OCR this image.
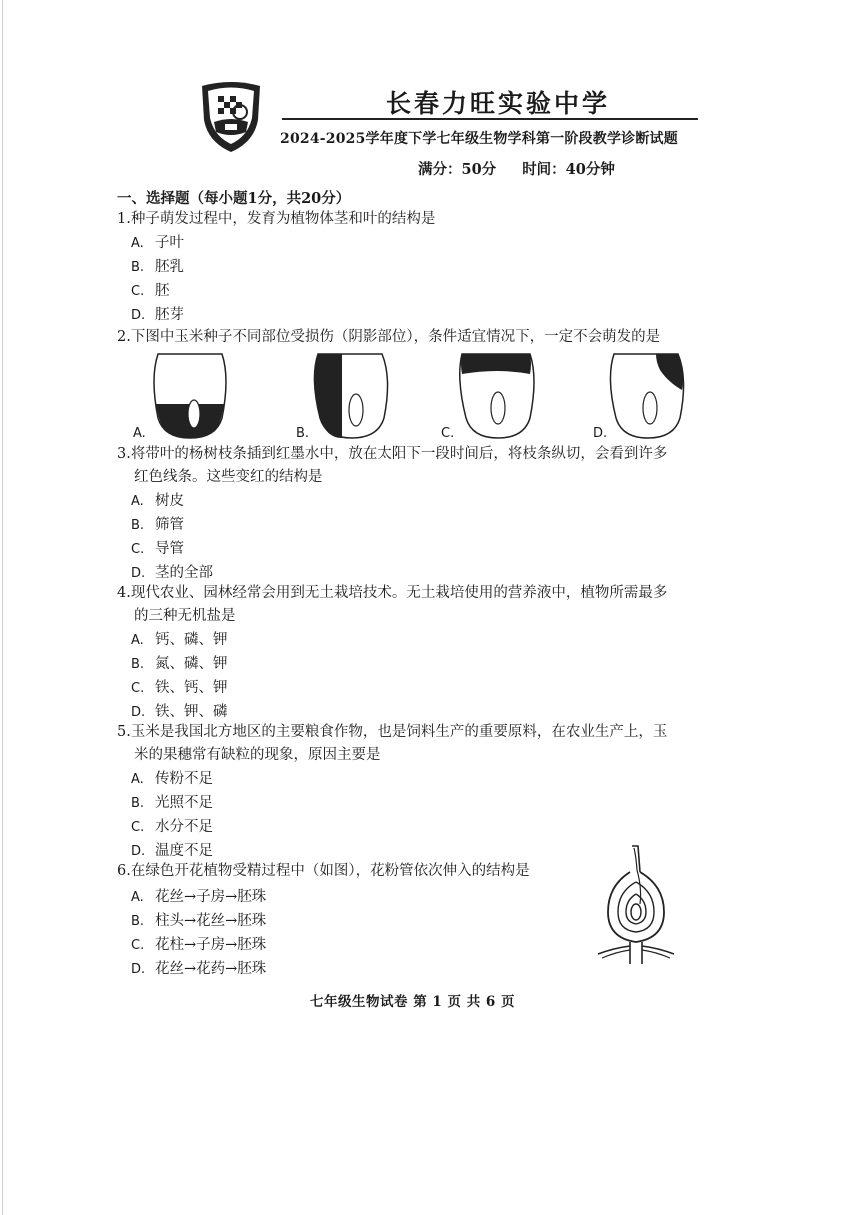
长春力旺实验中学
2024-2025学年度下学七年级生物学科第一阶段教学诊断试题
满分：50分 时间：40分钟
一、选择题（每小题1分，共20分）
1.种子萌发过程中，发育为植物体茎和叶的结构是
A. 子叶
B. 胚乳
C. 胚
D. 胚芽
2.下图中玉米种子不同部位受损伤（阴影部位），条件适宜情况下，一定不会萌发的是
A.	B.	C.	D.
3.将带叶的杨树枝条插到红墨水中，放在太阳下一段时间后，将枝条纵切，会看到许多
红色线条。这些变红的结构是
A. 树皮
B. 筛管
C. 导管
D. 茎的全部
4.现代农业、园林经常会用到无土栽培技术。无土栽培使用的营养液中，植物所需最多
的三种无机盐是
A. 钙、磷、钾
B. 氮、磷、钾
C. 铁、钙、钾
D. 铁、钾、磷
5.玉米是我国北方地区的主要粮食作物，也是饲料生产的重要原料，在农业生产上，玉
米的果穗常有缺粒的现象，原因主要是
A. 传粉不足
B. 光照不足
C. 水分不足
D. 温度不足
6.在绿色开花植物受精过程中（如图），花粉管依次伸入的结构是
A. 花丝→子房→胚珠
B. 柱头→花丝→胚珠
C. 花柱→子房→胚珠
D. 花丝→花药→胚珠
七年级生物试卷 第 1 页 共 6 页
